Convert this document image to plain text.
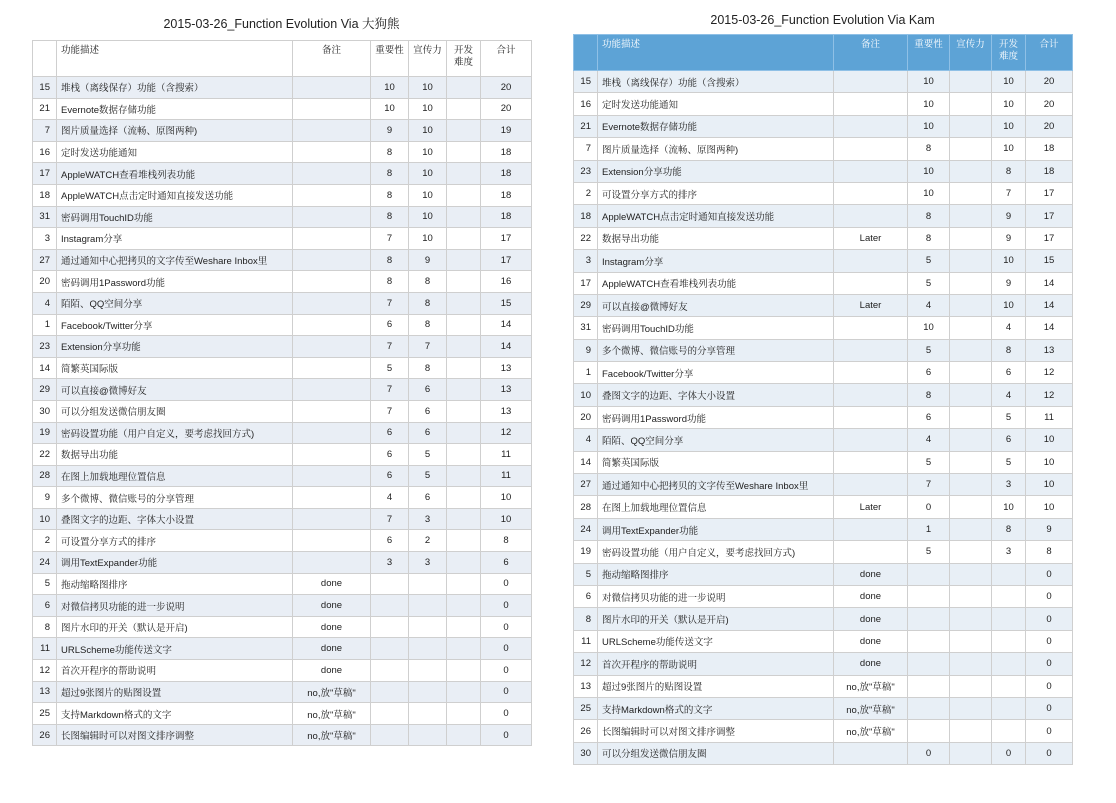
2015-03-26_Function Evolution Via 大狗熊
	功能描述	备注	重要性	宣传力	开发
难度	合计
15	堆栈（离线保存）功能（含搜索）		10	10		20
21	Evernote数据存储功能		10	10		20
7	图片质量选择（流畅、原图两种)		9	10		19
16	定时发送功能通知		8	10		18
17	AppleWATCH查看堆栈列表功能		8	10		18
18	AppleWATCH点击定时通知直接发送功能		8	10		18
31	密码调用TouchID功能		8	10		18
3	Instagram分享		7	10		17
27	通过通知中心把拷贝的文字传至Weshare Inbox里		8	9		17
20	密码调用1Password功能		8	8		16
4	陌陌、QQ空间分享		7	8		15
1	Facebook/Twitter分享		6	8		14
23	Extension分享功能		7	7		14
14	简繁英国际版		5	8		13
29	可以直接@微博好友		7	6		13
30	可以分组发送微信朋友圈		7	6		13
19	密码设置功能（用户自定义，要考虑找回方式)		6	6		12
22	数据导出功能		6	5		11
28	在图上加载地理位置信息		6	5		11
9	多个微博、微信账号的分享管理		4	6		10
10	叠图文字的边距、字体大小设置		7	3		10
2	可设置分享方式的排序		6	2		8
24	调用TextExpander功能		3	3		6
5	拖动缩略图排序	done				0
6	对微信拷贝功能的进一步说明	done				0
8	图片水印的开关（默认是开启)	done				0
11	URLScheme功能传送文字	done				0
12	首次开程序的帮助说明	done				0
13	超过9张图片的贴图设置	no,放"草稿"				0
25	支持Markdown格式的文字	no,放"草稿"				0
26	长图编辑时可以对图文排序调整	no,放"草稿"				0
2015-03-26_Function Evolution Via Kam
	功能描述	备注	重要性	宣传力	开发
难度	合计
15	堆栈（离线保存）功能（含搜索）		10		10	20
16	定时发送功能通知		10		10	20
21	Evernote数据存储功能		10		10	20
7	图片质量选择（流畅、原图两种)		8		10	18
23	Extension分享功能		10		8	18
2	可设置分享方式的排序		10		7	17
18	AppleWATCH点击定时通知直接发送功能		8		9	17
22	数据导出功能	Later	8		9	17
3	Instagram分享		5		10	15
17	AppleWATCH查看堆栈列表功能		5		9	14
29	可以直接@微博好友	Later	4		10	14
31	密码调用TouchID功能		10		4	14
9	多个微博、微信账号的分享管理		5		8	13
1	Facebook/Twitter分享		6		6	12
10	叠图文字的边距、字体大小设置		8		4	12
20	密码调用1Password功能		6		5	11
4	陌陌、QQ空间分享		4		6	10
14	简繁英国际版		5		5	10
27	通过通知中心把拷贝的文字传至Weshare Inbox里		7		3	10
28	在图上加载地理位置信息	Later	0		10	10
24	调用TextExpander功能		1		8	9
19	密码设置功能（用户自定义，要考虑找回方式)		5		3	8
5	拖动缩略图排序	done				0
6	对微信拷贝功能的进一步说明	done				0
8	图片水印的开关（默认是开启)	done				0
11	URLScheme功能传送文字	done				0
12	首次开程序的帮助说明	done				0
13	超过9张图片的贴图设置	no,放"草稿"				0
25	支持Markdown格式的文字	no,放"草稿"				0
26	长图编辑时可以对图文排序调整	no,放"草稿"				0
30	可以分组发送微信朋友圈		0		0	0
